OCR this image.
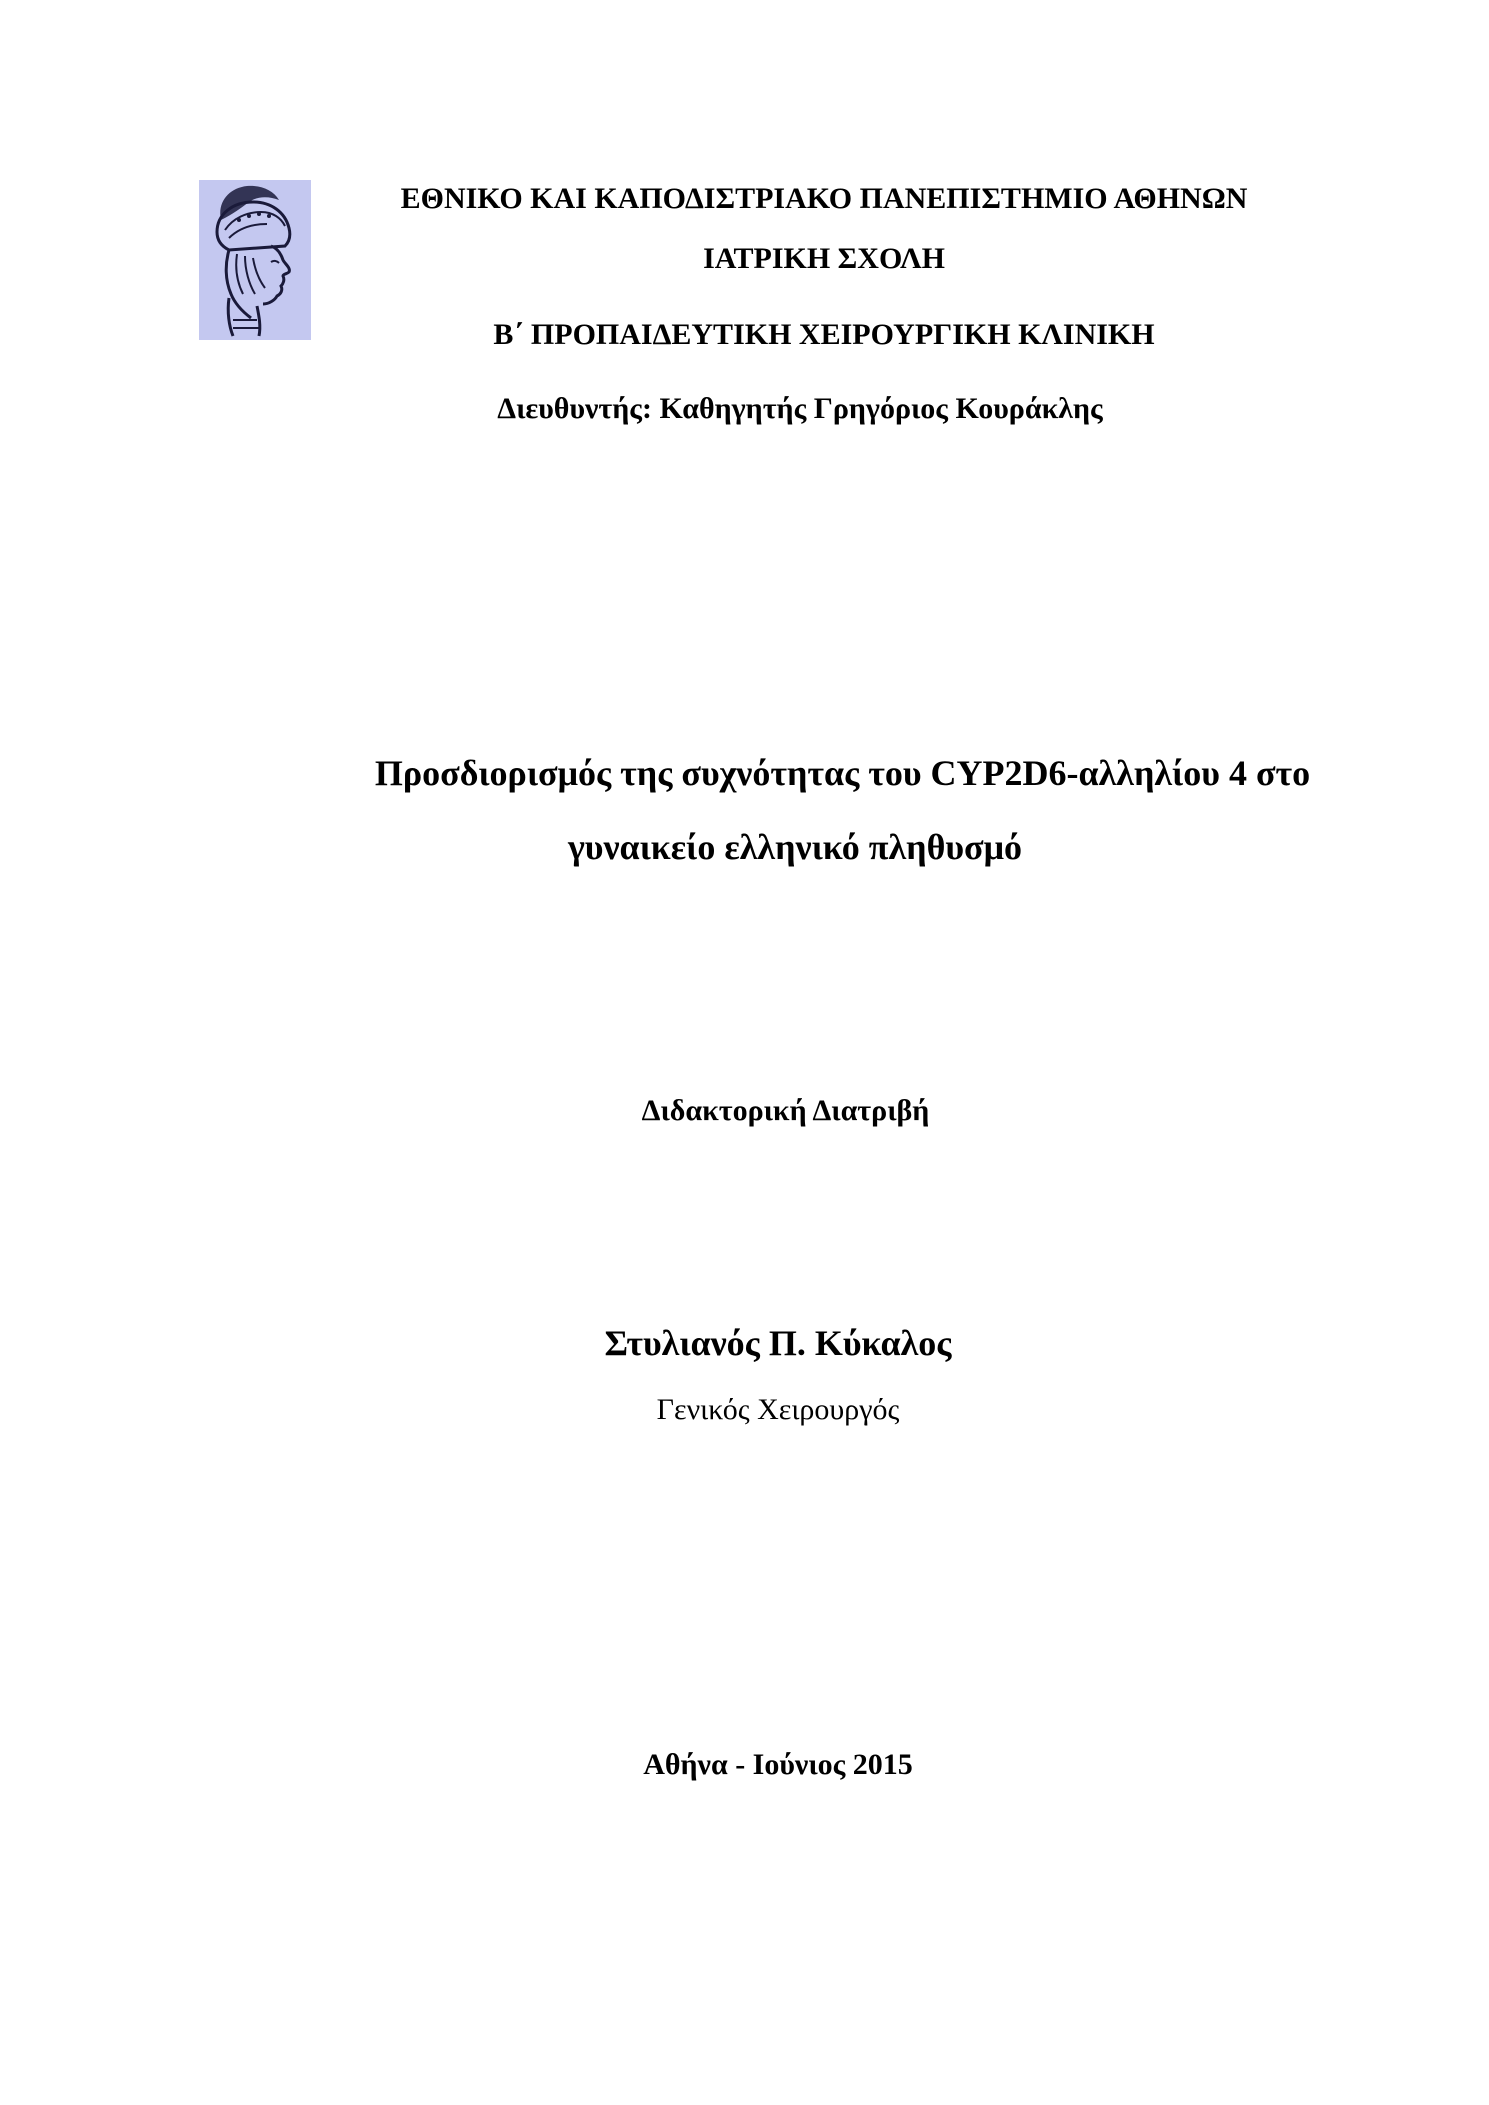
ΕΘΝΙΚΟ ΚΑΙ ΚΑΠΟΔΙΣΤΡΙΑΚΟ ΠΑΝΕΠΙΣΤΗΜΙΟ ΑΘΗΝΩΝ
ΙΑΤΡΙΚΗ ΣΧΟΛΗ
Β΄ ΠΡΟΠΑΙΔΕΥΤΙΚΗ ΧΕΙΡΟΥΡΓΙΚΗ ΚΛΙΝΙΚΗ
Διευθυντής: Καθηγητής Γρηγόριος Κουράκλης
Προσδιορισμός της συχνότητας του CYP2D6-αλληλίου 4 στο
γυναικείο ελληνικό πληθυσμό
Διδακτορική Διατριβή
Στυλιανός Π. Κύκαλος
Γενικός Χειρουργός
Αθήνα - Ιούνιος 2015
